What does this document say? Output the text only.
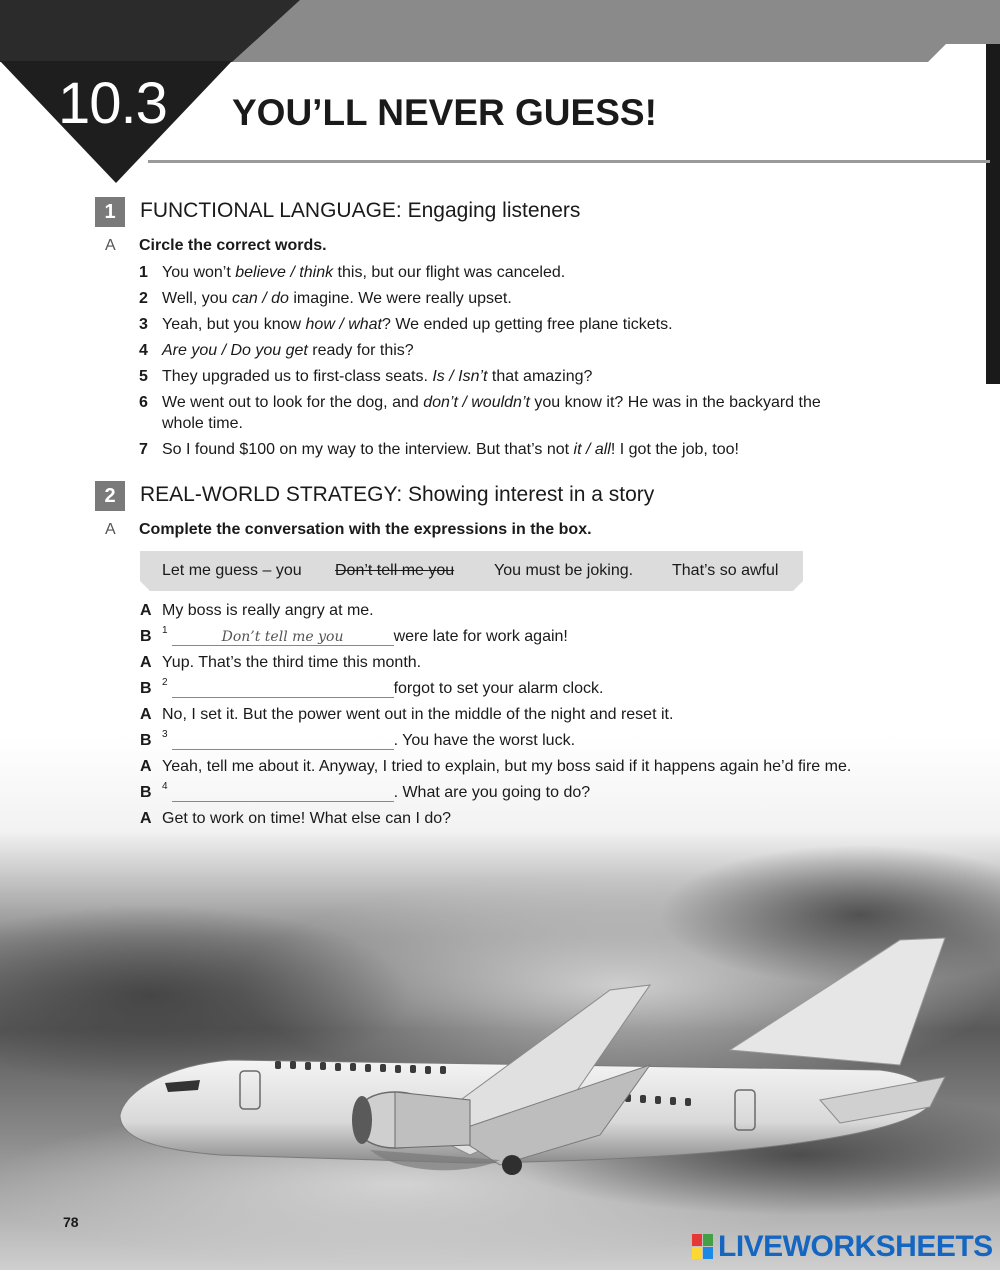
10.3 YOU’LL NEVER GUESS!
1	FUNCTIONAL LANGUAGE: Engaging listeners
A Circle the correct words.
1 You won’t believe / think this, but our flight was canceled.
2 Well, you can / do imagine. We were really upset.
3 Yeah, but you know how / what? We ended up getting free plane tickets.
4 Are you / Do you get ready for this?
5 They upgraded us to first-class seats. Is / Isn’t that amazing?
6 We went out to look for the dog, and don’t / wouldn’t you know it? He was in the backyard the whole time.
7 So I found $100 on my way to the interview. But that’s not it / all! I got the job, too!
2	REAL-WORLD STRATEGY: Showing interest in a story
A Complete the conversation with the expressions in the box.
Let me guess – you Don’t tell me you You must be joking. That’s so awful
A My boss is really angry at me.
B $^1$	Don’t tell me you	were late for work again!
A Yup. That’s the third time this month.
B $^2$	forgot to set your alarm clock.
A No, I set it. But the power went out in the middle of the night and reset it.
B $^3$	. You have the worst luck.
A Yeah, tell me about it. Anyway, I tried to explain, but my boss said if it happens again he’d fire me.
B $^4$	. What are you going to do?
A Get to work on time! What else can I do?
78
LIVEWORKSHEETS
